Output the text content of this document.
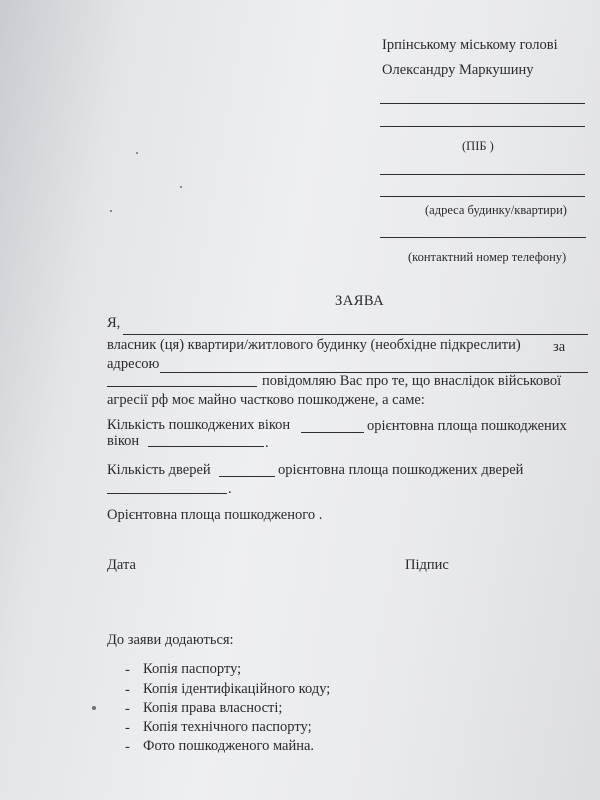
Ірпінському міському голові
Олександру Маркушину
(ПІБ )
(адреса будинку/квартири)
(контактний номер телефону)
ЗАЯВА
Я,
власник (ця) квартири/житлового будинку (необхідне підкреслити) за
адресою
повідомляю Вас про те, що внаслідок військової
агресії рф моє майно частково пошкоджене, а саме:
Кількість пошкоджених вікон	орієнтовна площа пошкоджених
вікон	.
Кількість дверей	орієнтовна площа пошкоджених дверей
.
Орієнтовна площа пошкодженого .
Дата	Підпис
До заяви додаються:
- Копія паспорту;
- Копія ідентифікаційного коду;
- Копія права власності;
- Копія технічного паспорту;
- Фото пошкодженого майна.
